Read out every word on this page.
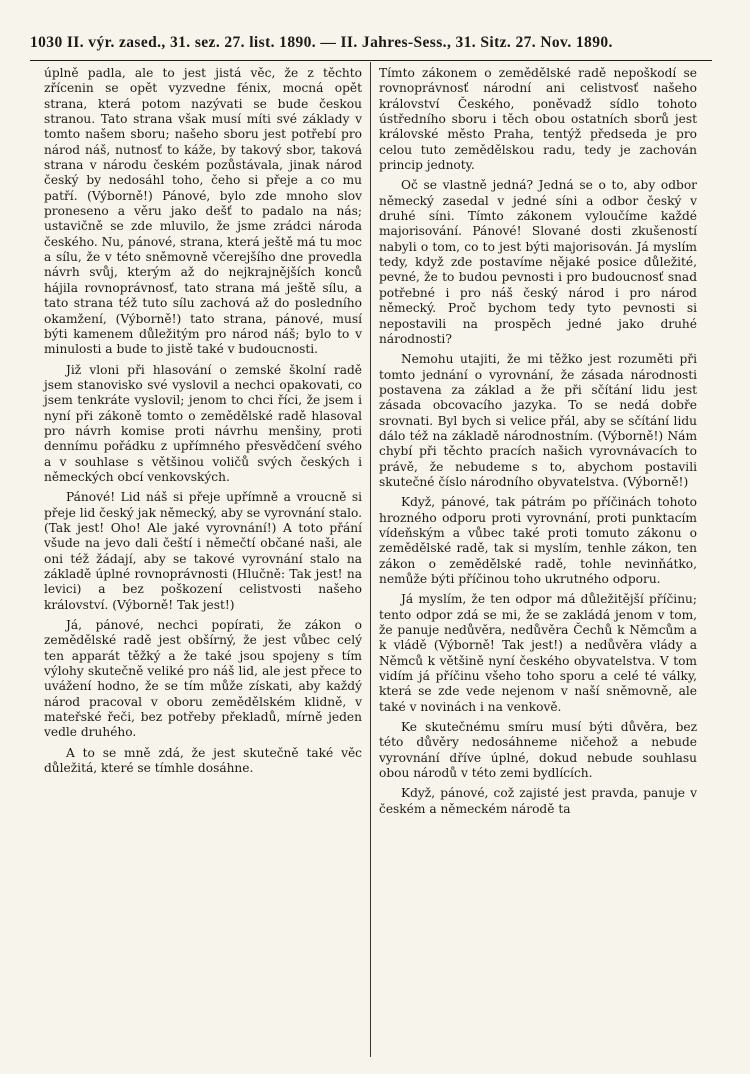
1030 II. výr. zased., 31. sez. 27. list. 1890. — II. Jahres-Sess., 31. Sitz. 27. Nov. 1890.

úplně padla, ale to jest jistá věc, že z těchto zřícenin se opět vyzvedne fénix, mocná opět strana, která potom nazývati se bude českou stranou. Tato strana však musí míti své základy v tomto našem sboru; našeho sboru jest potřebí pro národ náš, nutnosť to káže, by takový sbor, taková strana v národu českém pozůstávala, jinak národ český by nedosáhl toho, čeho si přeje a co mu patří. (Výborně!) Pánové, bylo zde mnoho slov proneseno a věru jako dešť to padalo na nás; ustavičně se zde mluvilo, že jsme zrádci národa českého. Nu, pánové, strana, která ještě má tu moc a sílu, že v této sněmovně včerejšího dne provedla návrh svůj, kterým až do nejkrajnějších konců hájila rovnoprávnosť, tato strana má ještě sílu, a tato strana též tuto sílu zachová až do posledního okamžení, (Výborně!) tato strana, pánové, musí býti kamenem důležitým pro národ náš; bylo to v minulosti a bude to jistě také v budoucnosti.

Již vloni při hlasování o zemské školní radě jsem stanovisko své vyslovil a nechci opakovati, co jsem tenkráte vyslovil; jenom to chci říci, že jsem i nyní při zákoně tomto o zemědělské radě hlasoval pro návrh komise proti návrhu menšiny, proti dennímu pořádku z upřímného přesvědčení svého a v souhlase s většinou voličů svých českých i německých obcí venkovských.

Pánové! Lid náš si přeje upřímně a vroucně si přeje lid český jak německý, aby se vyrovnání stalo. (Tak jest! Oho! Ale jaké vyrovnání!) A toto přání všude na jevo dali čeští i němečtí občané naši, ale oni též žádají, aby se takové vyrovnání stalo na základě úplné rovnoprávnosti (Hlučně: Tak jest! na levici) a bez poškození celistvosti našeho království. (Výborně! Tak jest!)

Já, pánové, nechci popírati, že zákon o zemědělské radě jest obšírný, že jest vůbec celý ten apparát těžký a že také jsou spojeny s tím výlohy skutečně veliké pro náš lid, ale jest přece to uvážení hodno, že se tím může získati, aby každý národ pracoval v oboru zemědělském klidně, v mateřské řeči, bez potřeby překladů, mírně jeden vedle druhého.

A to se mně zdá, že jest skutečně také věc důležitá, které se tímhle dosáhne.

Tímto zákonem o zemědělské radě nepoškodí se rovnoprávnosť národní ani celistvosť našeho království Českého, poněvadž sídlo tohoto ústředního sboru i těch obou ostatních sborů jest královské město Praha, tentýž předseda je pro celou tuto zemědělskou radu, tedy je zachován princip jednoty.

Oč se vlastně jedná? Jedná se o to, aby odbor německý zasedal v jedné síni a odbor český v druhé síni. Tímto zákonem vyloučíme každé majorisování. Pánové! Slované dosti zkušeností nabyli o tom, co to jest býti majorisován. Já myslím tedy, když zde postavíme nějaké posice důležité, pevné, že to budou pevnosti i pro budoucnosť snad potřebné i pro náš český národ i pro národ německý. Proč bychom tedy tyto pevnosti si nepostavili na prospěch jedné jako druhé národnosti?

Nemohu utajiti, že mi těžko jest rozuměti při tomto jednání o vyrovnání, že zásada národnosti postavena za základ a že při sčítání lidu jest zásada obcovacího jazyka. To se nedá dobře srovnati. Byl bych si velice přál, aby se sčítání lidu dálo též na základě národnostním. (Výborně!) Nám chybí při těchto pracích našich vyrovnávacích to právě, že nebudeme s to, abychom postavili skutečné číslo národního obyvatelstva. (Výborně!)

Když, pánové, tak pátrám po příčinách tohoto hrozného odporu proti vyrovnání, proti punktacím vídeňským a vůbec také proti tomuto zákonu o zemědělské radě, tak si myslím, tenhle zákon, ten zákon o zemědělské radě, tohle nevinňátko, nemůže býti příčinou toho ukrutného odporu.

Já myslím, že ten odpor má důležitější příčinu; tento odpor zdá se mi, že se zakládá jenom v tom, že panuje nedůvěra, nedůvěra Čechů k Němcům a k vládě (Výborně! Tak jest!) a nedůvěra vlády a Němců k většině nyní českého obyvatelstva. V tom vidím já příčinu všeho toho sporu a celé té války, která se zde vede nejenom v naší sněmovně, ale také v novinách i na venkově.

Ke skutečnému smíru musí býti důvěra, bez této důvěry nedosáhneme ničehož a nebude vyrovnání dříve úplné, dokud nebude souhlasu obou národů v této zemi bydlících.

Když, pánové, což zajisté jest pravda, panuje v českém a německém národě ta
